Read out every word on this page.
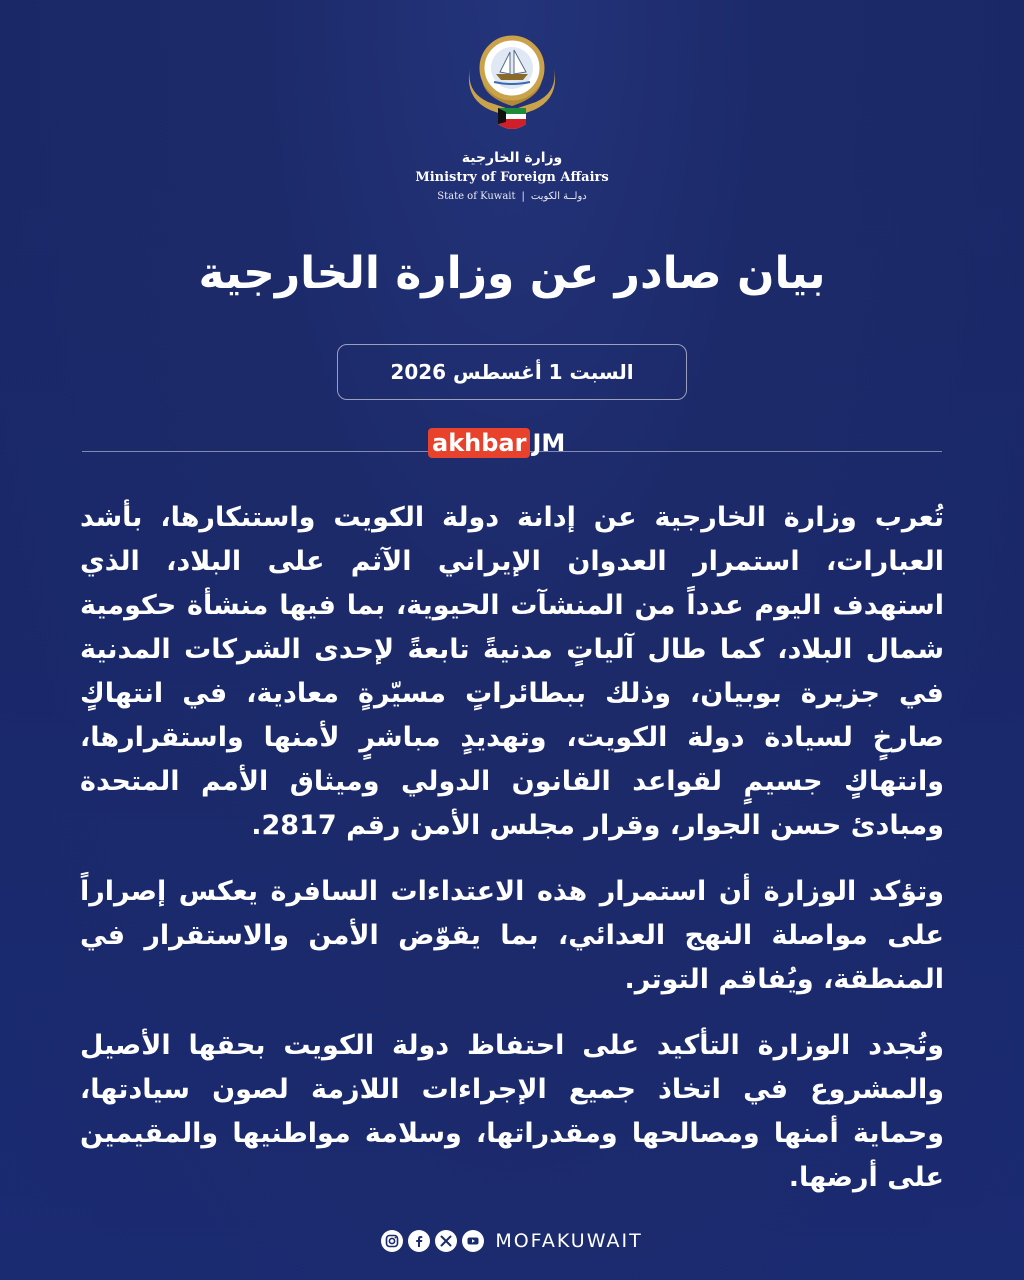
وزارة الخارجية
Ministry of Foreign Affairs
State of Kuwait | دولــة الكويت
بيان صادر عن وزارة الخارجية
السبت 1 أغسطس 2026
akhbar JM

تُعرب وزارة الخارجية عن إدانة دولة الكويت واستنكارها، بأشد العبارات، استمرار العدوان الإيراني الآثم على البلاد، الذي استهدف اليوم عدداً من المنشآت الحيوية، بما فيها منشأة حكومية شمال البلاد، كما طال آلياتٍ مدنيةً تابعةً لإحدى الشركات المدنية في جزيرة بوبيان، وذلك ببطائراتٍ مسيّرةٍ معادية، في انتهاكٍ صارخٍ لسيادة دولة الكويت، وتهديدٍ مباشرٍ لأمنها واستقرارها، وانتهاكٍ جسيمٍ لقواعد القانون الدولي وميثاق الأمم المتحدة ومبادئ حسن الجوار، وقرار مجلس الأمن رقم 2817.

وتؤكد الوزارة أن استمرار هذه الاعتداءات السافرة يعكس إصراراً على مواصلة النهج العدائي، بما يقوّض الأمن والاستقرار في المنطقة، ويُفاقم التوتر.

وتُجدد الوزارة التأكيد على احتفاظ دولة الكويت بحقها الأصيل والمشروع في اتخاذ جميع الإجراءات اللازمة لصون سيادتها، وحماية أمنها ومصالحها ومقدراتها، وسلامة مواطنيها والمقيمين على أرضها.

MOFAKUWAIT
